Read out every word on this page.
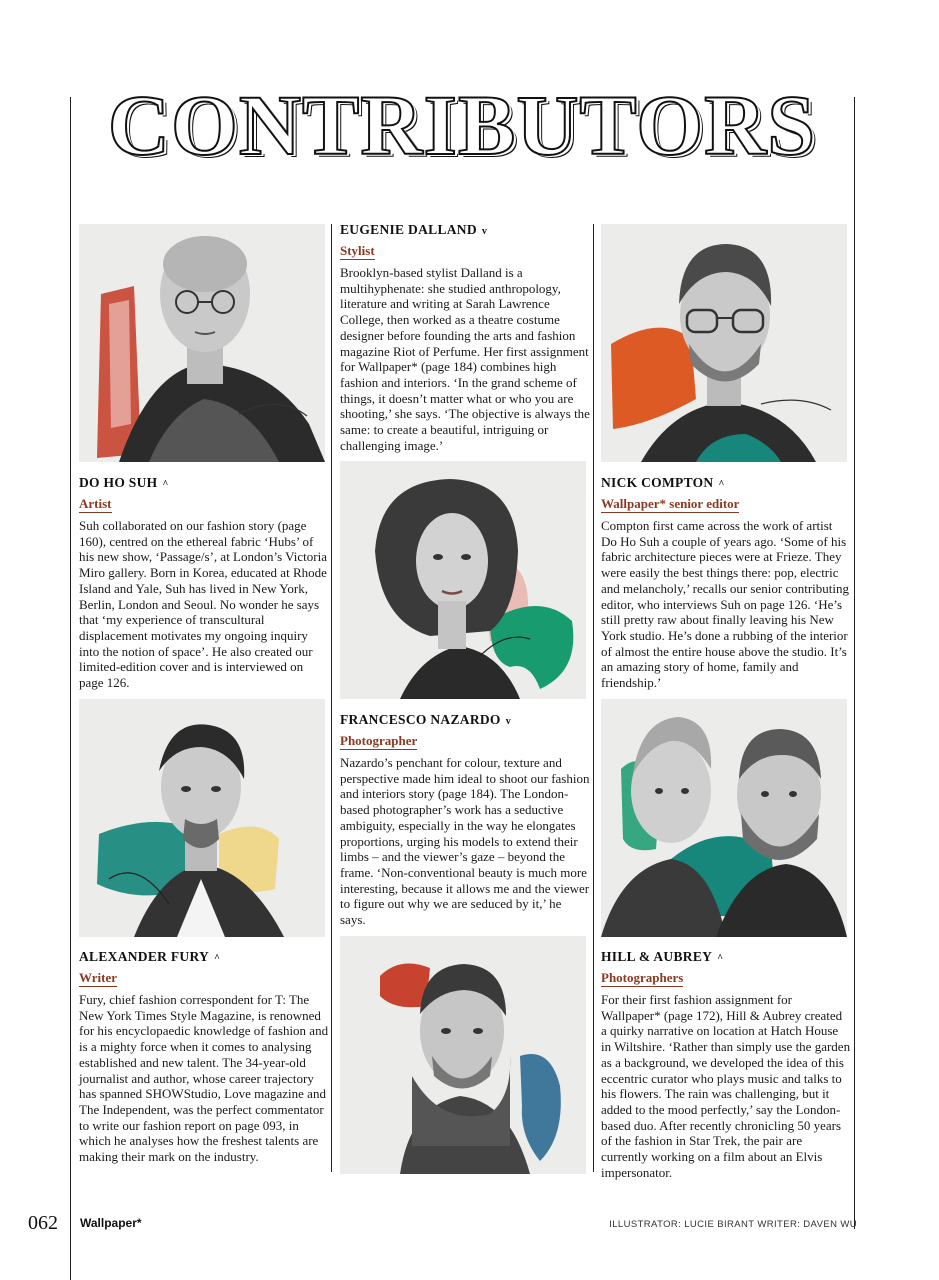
CONTRIBUTORS
DO HO SUH ^
Artist

Suh collaborated on our fashion story (page 160), centred on the ethereal fabric ‘Hubs’ of his new show, ‘Passage/s’, at London’s Victoria Miro gallery. Born in Korea, educated at Rhode Island and Yale, Suh has lived in New York, Berlin, London and Seoul. No wonder he says that ‘my experience of transcultural displacement motivates my ongoing inquiry into the notion of space’. He also created our limited-edition cover and is interviewed on page 126.

ALEXANDER FURY ^
Writer

Fury, chief fashion correspondent for T: The New York Times Style Magazine, is renowned for his encyclopaedic knowledge of fashion and is a mighty force when it comes to analysing established and new talent. The 34-year-old journalist and author, whose career trajectory has spanned SHOWStudio, Love magazine and The Independent, was the perfect commentator to write our fashion report on page 093, in which he analyses how the freshest talents are making their mark on the industry.

EUGENIE DALLAND v
Stylist

Brooklyn-based stylist Dalland is a multihyphenate: she studied anthropology, literature and writing at Sarah Lawrence College, then worked as a theatre costume designer before founding the arts and fashion magazine Riot of Perfume. Her first assignment for Wallpaper* (page 184) combines high fashion and interiors. ‘In the grand scheme of things, it doesn’t matter what or who you are shooting,’ she says. ‘The objective is always the same: to create a beautiful, intriguing or challenging image.’

FRANCESCO NAZARDO v
Photographer

Nazardo’s penchant for colour, texture and perspective made him ideal to shoot our fashion and interiors story (page 184). The London-based photographer’s work has a seductive ambiguity, especially in the way he elongates proportions, urging his models to extend their limbs – and the viewer’s gaze – beyond the frame. ‘Non-conventional beauty is much more interesting, because it allows me and the viewer to figure out why we are seduced by it,’ he says.

NICK COMPTON ^
Wallpaper* senior editor

Compton first came across the work of artist Do Ho Suh a couple of years ago. ‘Some of his fabric architecture pieces were at Frieze. They were easily the best things there: pop, electric and melancholy,’ recalls our senior contributing editor, who interviews Suh on page 126. ‘He’s still pretty raw about finally leaving his New York studio. He’s done a rubbing of the interior of almost the entire house above the studio. It’s an amazing story of home, family and friendship.’

HILL & AUBREY ^
Photographers

For their first fashion assignment for Wallpaper* (page 172), Hill & Aubrey created a quirky narrative on location at Hatch House in Wiltshire. ‘Rather than simply use the garden as a background, we developed the idea of this eccentric curator who plays music and talks to his flowers. The rain was challenging, but it added to the mood perfectly,’ say the London-based duo. After recently chronicling 50 years of the fashion in Star Trek, the pair are currently working on a film about an Elvis impersonator.

062 Wallpaper*	ILLUSTRATOR: LUCIE BIRANT WRITER: DAVEN WU
